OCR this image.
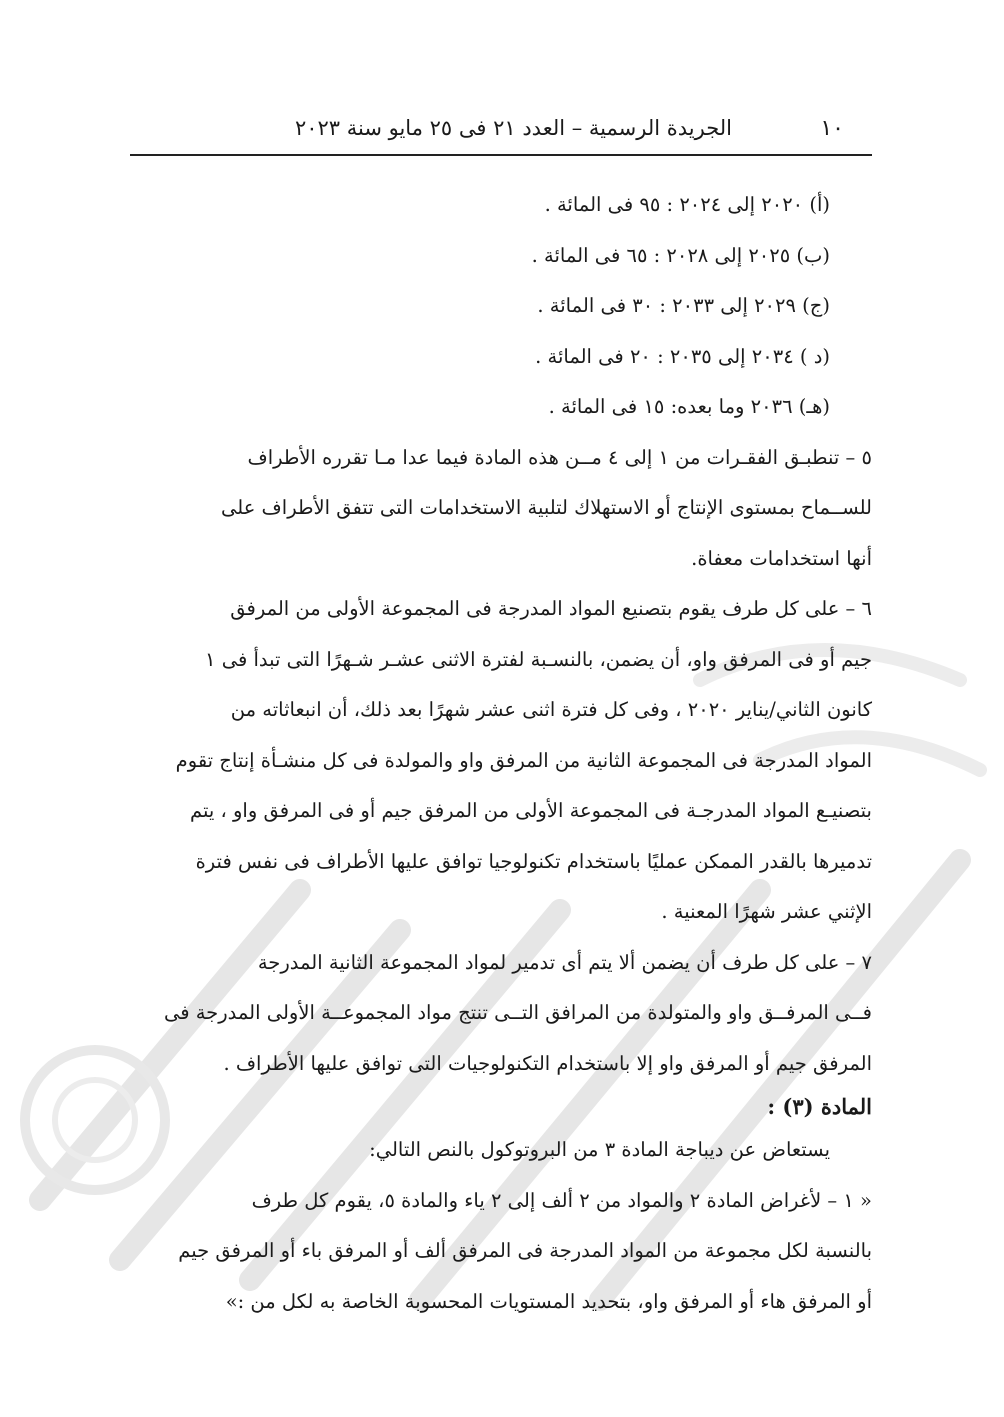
١٠
الجريدة الرسمية – العدد ٢١ فى ٢٥ مايو سنة ٢٠٢٣
(أ) ٢٠٢٠ إلى ٢٠٢٤ : ٩٥ فى المائة .
(ب) ٢٠٢٥ إلى ٢٠٢٨ : ٦٥ فى المائة .
(ج) ٢٠٢٩ إلى ٢٠٣٣ : ٣٠ فى المائة .
(د ) ٢٠٣٤ إلى ٢٠٣٥ : ٢٠ فى المائة .
(هـ) ٢٠٣٦ وما بعده: ١٥ فى المائة .
٥ – تنطبـق الفقـرات من ١ إلى ٤ مــن هذه المادة فيما عدا مـا تقرره الأطراف
للســماح بمستوى الإنتاج أو الاستهلاك لتلبية الاستخدامات التى تتفق الأطراف على
أنها استخدامات معفاة.
٦ – على كل طرف يقوم بتصنيع المواد المدرجة فى المجموعة الأولى من المرفق
جيم أو فى المرفق واو، أن يضمن، بالنسـبة لفترة الاثنى عشـر شـهرًا التى تبدأ فى ١
كانون الثاني/يناير ٢٠٢٠ ، وفى كل فترة اثنى عشر شهرًا بعد ذلك، أن انبعاثاته من
المواد المدرجة فى المجموعة الثانية من المرفق واو والمولدة فى كل منشـأة إنتاج تقوم
بتصنيـع المواد المدرجـة فى المجموعة الأولى من المرفق جيم أو فى المرفق واو ، يتم
تدميرها بالقدر الممكن عمليًا باستخدام تكنولوجيا توافق عليها الأطراف فى نفس فترة
الإثني عشر شهرًا المعنية .
٧ – على كل طرف أن يضمن ألا يتم أى تدمير لمواد المجموعة الثانية المدرجة
فــى المرفــق واو والمتولدة من المرافق التــى تنتج مواد المجموعــة الأولى المدرجة فى
المرفق جيم أو المرفق واو إلا باستخدام التكنولوجيات التى توافق عليها الأطراف .
المادة (٣) :
يستعاض عن ديباجة المادة ٣ من البروتوكول بالنص التالي:
« ١ – لأغراض المادة ٢ والمواد من ٢ ألف إلى ٢ ياء والمادة ٥، يقوم كل طرف
بالنسبة لكل مجموعة من المواد المدرجة فى المرفق ألف أو المرفق باء أو المرفق جيم
أو المرفق هاء أو المرفق واو، بتحديد المستويات المحسوبة الخاصة به لكل من :»
